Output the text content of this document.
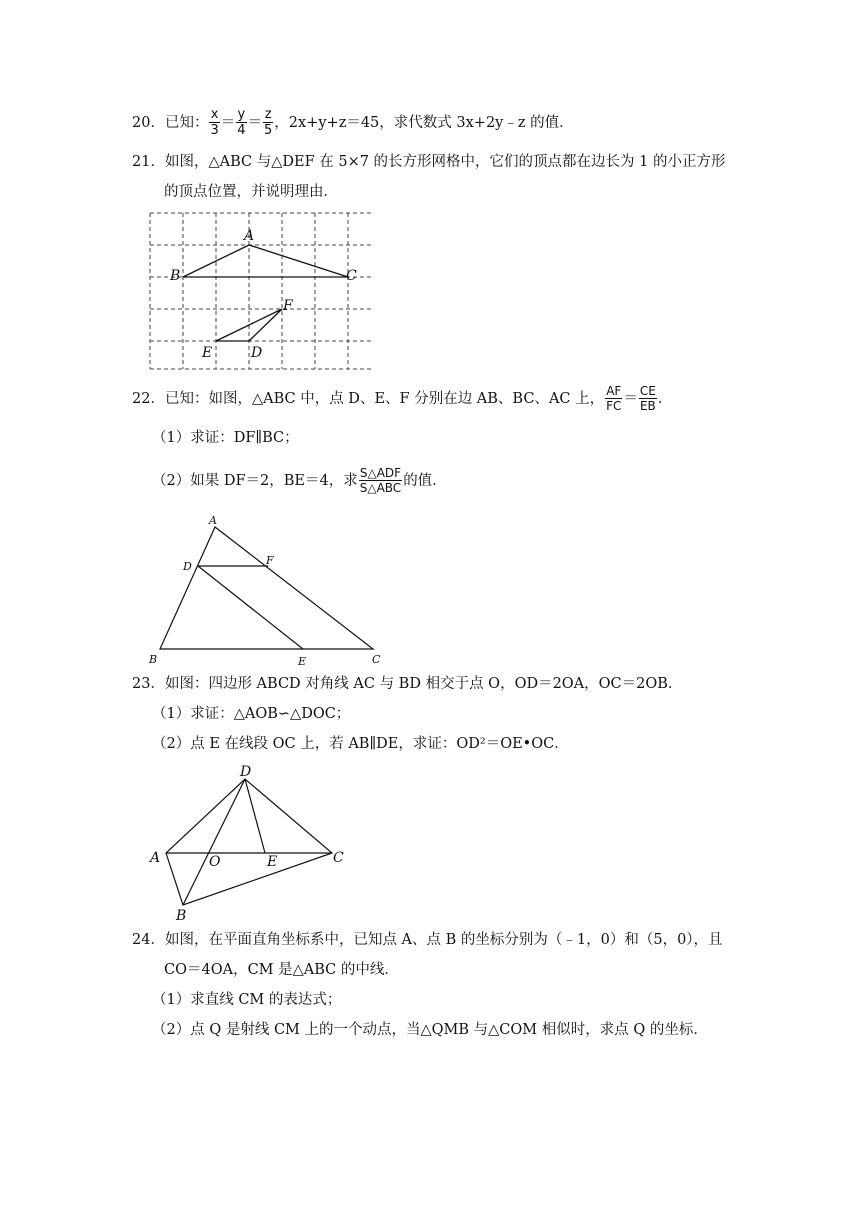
20．已知： $\frac{x}{3} = \frac{y}{4} = \frac{z}{5}$ ，2x+y+z＝45，求代数式 3x+2y﹣z 的值．
21．如图，△ABC 与△DEF 在 5×7 的长方形网格中，它们的顶点都在边长为 1 的小正方形
的顶点位置，并说明理由．
A
B	C
D
E
F
22．已知：如图，△ABC 中，点 D、E、F 分别在边 AB、BC、AC 上， $\frac{AF}{FC} = \frac{CE}{EB}$ ．
（1）求证：DF∥BC；
（2）如果 DF＝2，BE＝4，求 $\frac{\text{S△ADF}}{\text{S△ABC}}$ 的值．
A
B	C
D
E
F
23．如图：四边形 ABCD 对角线 AC 与 BD 相交于点 O，OD＝2OA，OC＝2OB．
（1）求证：△AOB∽△DOC；
（2）点 E 在线段 OC 上，若 AB∥DE，求证：OD²＝OE•OC．
D
A
B
C
O	E
24．如图，在平面直角坐标系中，已知点 A、点 B 的坐标分别为（﹣1，0）和（5，0），且
CO＝4OA，CM 是△ABC 的中线．
（1）求直线 CM 的表达式；
（2）点 Q 是射线 CM 上的一个动点，当△QMB 与△COM 相似时，求点 Q 的坐标．
